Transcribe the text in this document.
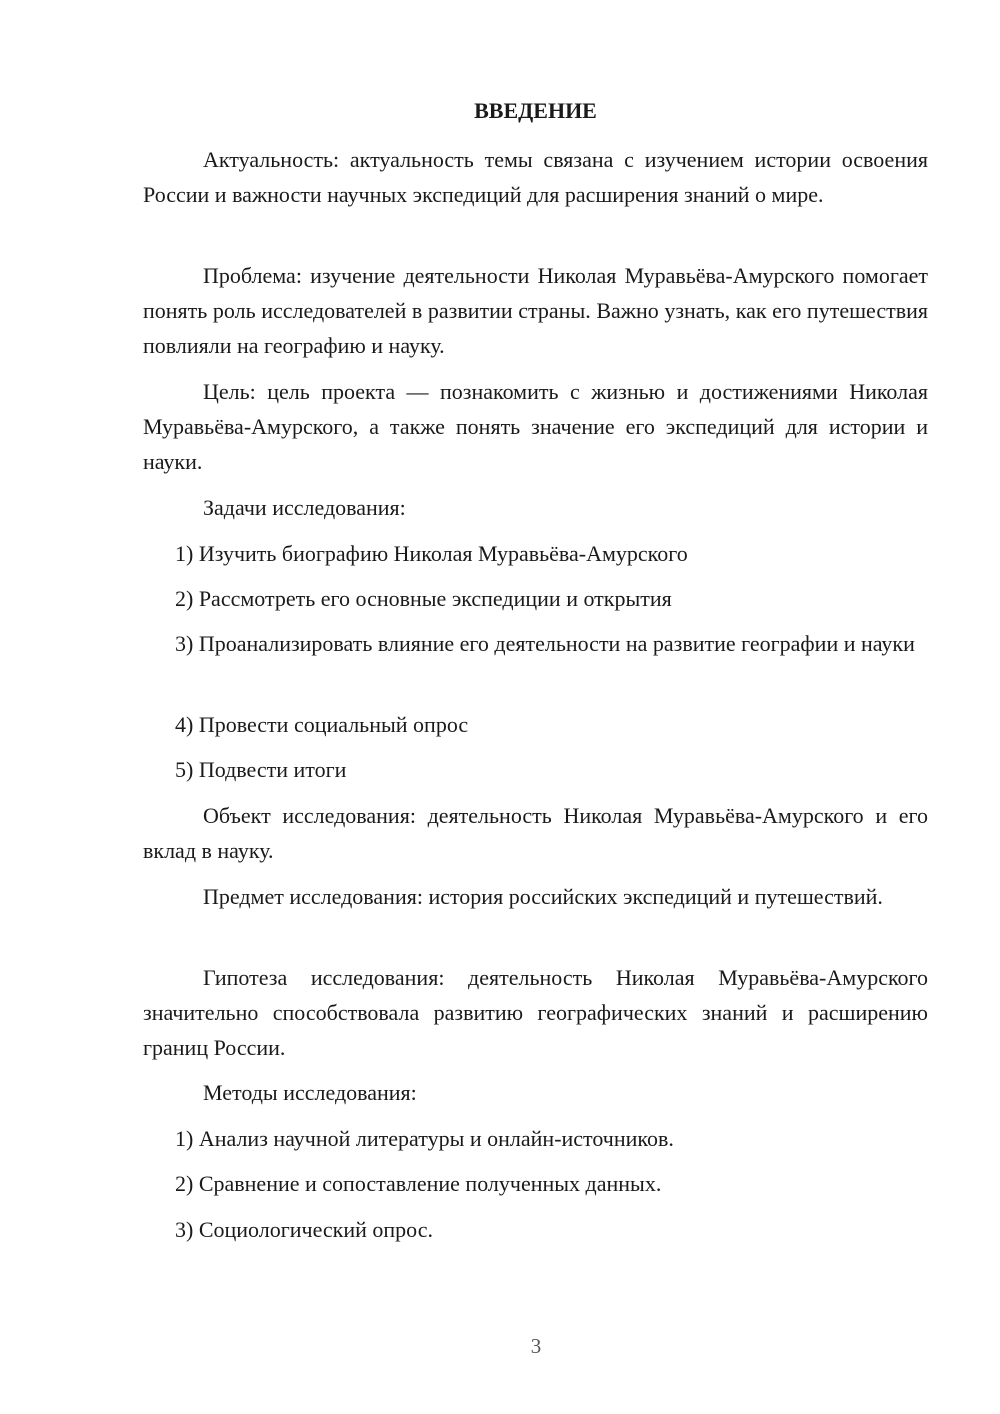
ВВЕДЕНИЕ

Актуальность: актуальность темы связана с изучением истории освоения России и важности научных экспедиций для расширения знаний о мире.

Проблема: изучение деятельности Николая Муравьёва-Амурского помогает понять роль исследователей в развитии страны. Важно узнать, как его путешествия повлияли на географию и науку.

Цель: цель проекта — познакомить с жизнью и достижениями Николая Муравьёва-Амурского, а также понять значение его экспедиций для истории и науки.

Задачи исследования:

1) Изучить биографию Николая Муравьёва-Амурского

2) Рассмотреть его основные экспедиции и открытия

3) Проанализировать влияние его деятельности на развитие географии и науки

4) Провести социальный опрос

5) Подвести итоги

Объект исследования: деятельность Николая Муравьёва-Амурского и его вклад в науку.

Предмет исследования: история российских экспедиций и путешествий.

Гипотеза исследования: деятельность Николая Муравьёва-Амурского значительно способствовала развитию географических знаний и расширению границ России.

Методы исследования:

1) Анализ научной литературы и онлайн-источников.

2) Сравнение и сопоставление полученных данных.

3) Социологический опрос.

3
